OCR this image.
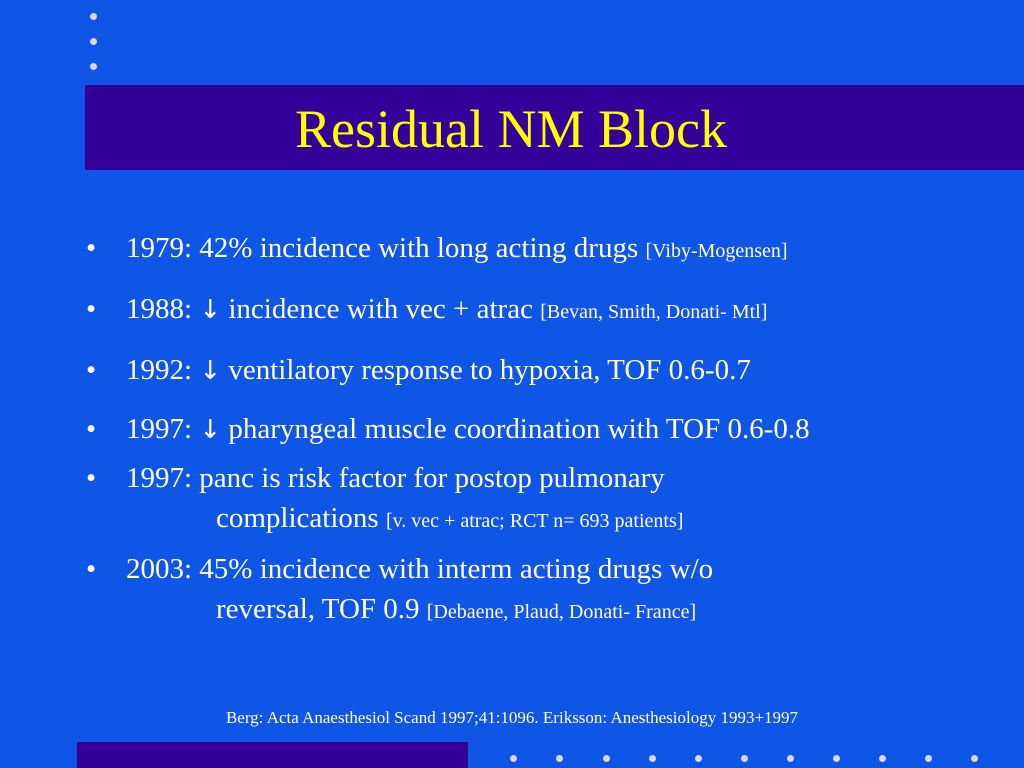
Residual NM Block
• 1979: 42% incidence with long acting drugs [Viby-Mogensen]
• 1988: ↓ incidence with vec + atrac [Bevan, Smith, Donati- Mtl]
• 1992: ↓ ventilatory response to hypoxia, TOF 0.6-0.7
• 1997: ↓ pharyngeal muscle coordination with TOF 0.6-0.8
• 1997: panc is risk factor for postop pulmonary
complications [v. vec + atrac; RCT n= 693 patients]
• 2003: 45% incidence with interm acting drugs w/o
reversal, TOF 0.9 [Debaene, Plaud, Donati- France]
Berg: Acta Anaesthesiol Scand 1997;41:1096. Eriksson: Anesthesiology 1993+1997
